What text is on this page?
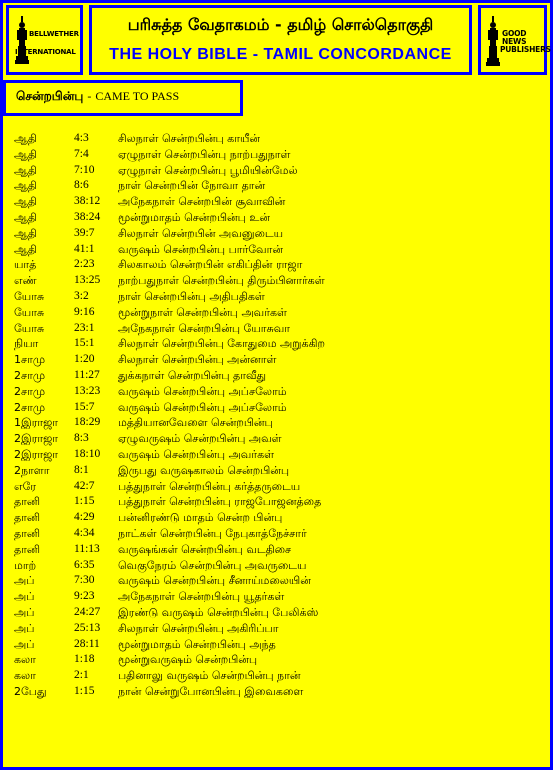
BELLWETHER
INTERNATIONAL
பரிசுத்த வேதாகமம் - தமிழ் சொல்தொகுதி
THE HOLY BIBLE - TAMIL CONCORDANCE
GOOD NEWS
PUBLISHERS
சென்றபின்பு - CAME TO PASS
ஆதி	4:3	சிலநாள் சென்றபின்பு காயீன்
ஆதி	7:4	ஏழுநாள் சென்றபின்பு நாற்பதுநாள்
ஆதி	7:10 ஏழுநாள் சென்றபின்பு பூமியின்மேல்
ஆதி	8:6	நாள் சென்றபின் நோவா தான்
ஆதி	38:12 அநேகநாள் சென்றபின் சூவாவின்
ஆதி	38:24 மூன்றுமாதம் சென்றபின்பு உன்
ஆதி	39:7 சிலநாள் சென்றபின் அவனுடைய
ஆதி	41:1 வருஷம் சென்றபின்பு பார்வோன்
யாத்	2:23 சிலகாலம் சென்றபின் எகிப்தின் ராஜா
எண்	13:25 நாற்பதுநாள் சென்றபின்பு திரும்பினார்கள்
யோசு	3:2	நாள் சென்றபின்பு அதிபதிகள்
யோசு	9:16 மூன்றுநாள் சென்றபின்பு அவர்கள்
யோசு	23:1 அநேகநாள் சென்றபின்பு யோசுவா
நியா	15:1 சிலநாள் சென்றபின்பு கோதுமை அறுக்கிற
1சாமு	1:20 சிலநாள் சென்றபின்பு அன்னாள்
2சாமு	11:27 துக்கநாள் சென்றபின்பு தாவீது
2சாமு	13:23 வருஷம் சென்றபின்பு அப்சலோம்
2சாமு	15:7 வருஷம் சென்றபின்பு அப்சலோம்
1இராஜா 18:29 மத்தியானவேளை சென்றபின்பு
2இராஜா 8:3	ஏழுவருஷம் சென்றபின்பு அவள்
2இராஜா 18:10 வருஷம் சென்றபின்பு அவர்கள்
2நாளா 8:1	இருபது வருஷகாலம் சென்றபின்பு
எரே	42:7 பத்துநாள் சென்றபின்பு கர்த்தருடைய
தானி	1:15 பத்துநாள் சென்றபின்பு ராஜபோஜனத்தை
தானி	4:29 பன்னிரண்டு மாதம் சென்ற பின்பு
தானி	4:34 நாட்கள் சென்றபின்பு நேபுகாத்நேச்சார்
தானி	11:13 வருஷங்கள் சென்றபின்பு வடதிசை
மாற்	6:35 வெகுநேரம் சென்றபின்பு அவருடைய
அப்	7:30 வருஷம் சென்றபின்பு சீனாய்மலையின்
அப்	9:23 அநேகநாள் சென்றபின்பு யூதர்கள்
அப்	24:27 இரண்டு வருஷம் சென்றபின்பு பேலிக்ஸ்
அப்	25:13 சிலநாள் சென்றபின்பு அகிரிப்பா
அப்	28:11 மூன்றுமாதம் சென்றபின்பு அந்த
கலா	1:18 மூன்றுவருஷம் சென்றபின்பு
கலா	2:1	பதினாலு வருஷம் சென்றபின்பு நான்
2பேது 1:15 நான் சென்றுபோனபின்பு இவைகளை
